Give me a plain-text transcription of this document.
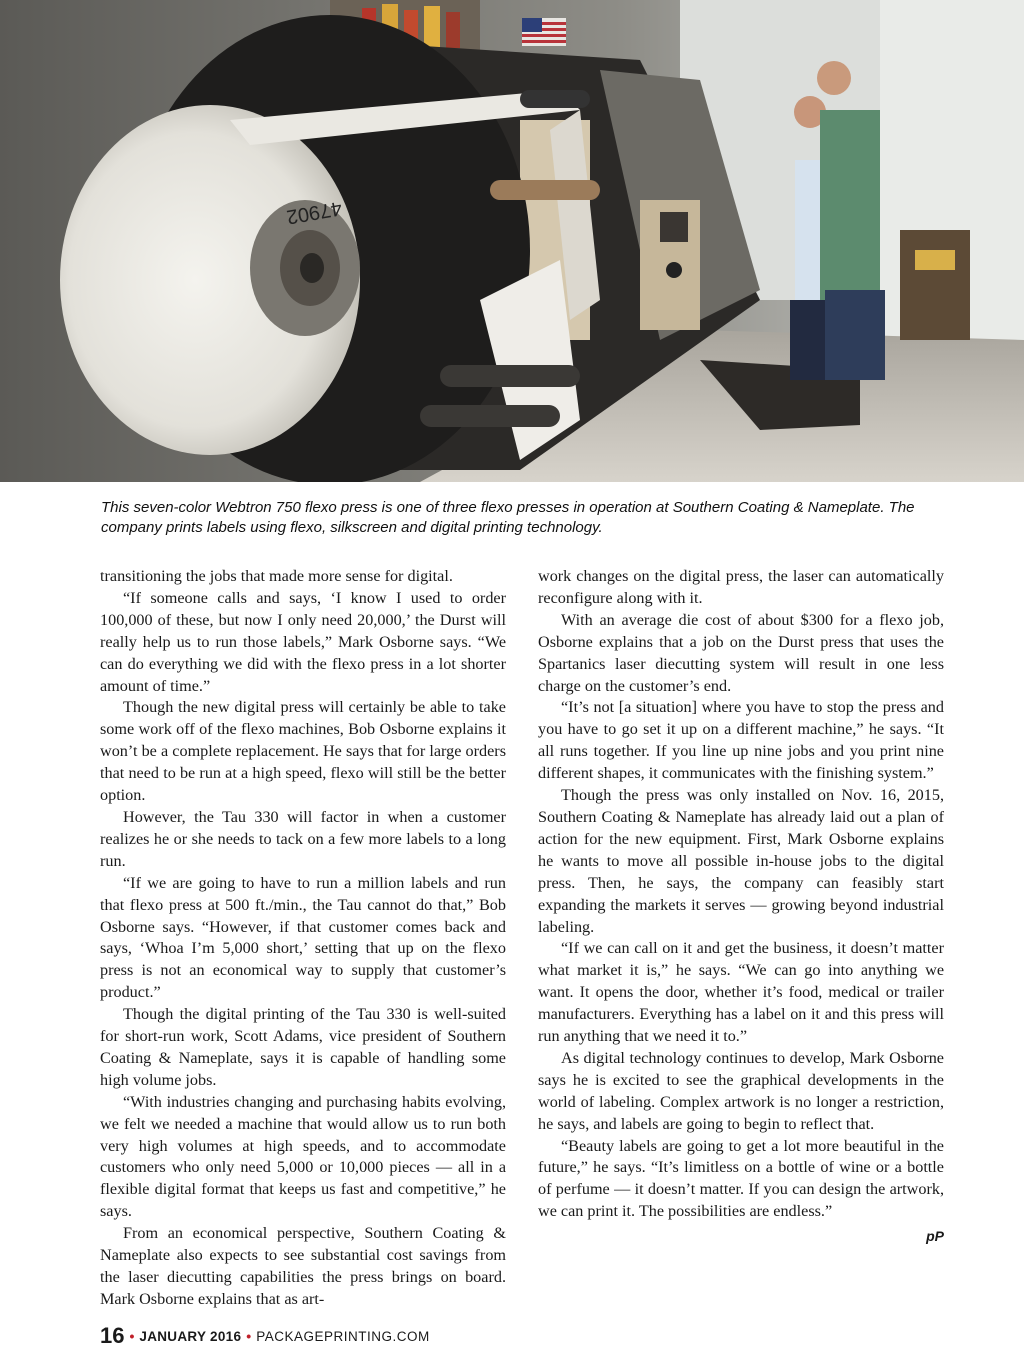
47902
This seven-color Webtron 750 flexo press is one of three flexo presses in operation at Southern Coating & Nameplate. The company prints labels using flexo, silkscreen and digital printing technology.

transitioning the jobs that made more sense for digital.

“If someone calls and says, ‘I know I used to order 100,000 of these, but now I only need 20,000,’ the Durst will really help us to run those labels,” Mark Osborne says. “We can do everything we did with the flexo press in a lot shorter amount of time.”

Though the new digital press will certainly be able to take some work off of the flexo machines, Bob Osborne explains it won’t be a complete replacement. He says that for large orders that need to be run at a high speed, flexo will still be the better option.

However, the Tau 330 will factor in when a customer realizes he or she needs to tack on a few more labels to a long run.

“If we are going to have to run a million labels and run that flexo press at 500 ft./min., the Tau cannot do that,” Bob Osborne says. “However, if that customer comes back and says, ‘Whoa I’m 5,000 short,’ setting that up on the flexo press is not an economical way to supply that customer’s product.”

Though the digital printing of the Tau 330 is well-suited for short-run work, Scott Adams, vice president of Southern Coating & Nameplate, says it is capable of handling some high volume jobs.

“With industries changing and purchasing habits evolving, we felt we needed a machine that would allow us to run both very high volumes at high speeds, and to accommodate customers who only need 5,000 or 10,000 pieces — all in a flexible digital format that keeps us fast and competitive,” he says.

From an economical perspective, Southern Coating & Nameplate also expects to see substantial cost savings from the laser diecutting capabilities the press brings on board. Mark Osborne explains that as art-

work changes on the digital press, the laser can automatically reconfigure along with it.

With an average die cost of about $300 for a flexo job, Osborne explains that a job on the Durst press that uses the Spartanics laser diecutting system will result in one less charge on the customer’s end.

“It’s not [a situation] where you have to stop the press and you have to go set it up on a different machine,” he says. “It all runs together. If you line up nine jobs and you print nine different shapes, it communicates with the finishing system.”

Though the press was only installed on Nov. 16, 2015, Southern Coating & Nameplate has already laid out a plan of action for the new equipment. First, Mark Osborne explains he wants to move all possible in-house jobs to the digital press. Then, he says, the company can feasibly start expanding the markets it serves — growing beyond industrial labeling.

“If we can call on it and get the business, it doesn’t matter what market it is,” he says. “We can go into anything we want. It opens the door, whether it’s food, medical or trailer manufacturers. Everything has a label on it and this press will run anything that we need it to.”

As digital technology continues to develop, Mark Osborne says he is excited to see the graphical developments in the world of labeling. Complex artwork is no longer a restriction, he says, and labels are going to begin to reflect that.

“Beauty labels are going to get a lot more beautiful in the future,” he says. “It’s limitless on a bottle of wine or a bottle of perfume — it doesn’t matter. If you can design the artwork, we can print it. The possibilities are endless.”

pP
16 • JANUARY 2016 • PACKAGEPRINTING.COM
